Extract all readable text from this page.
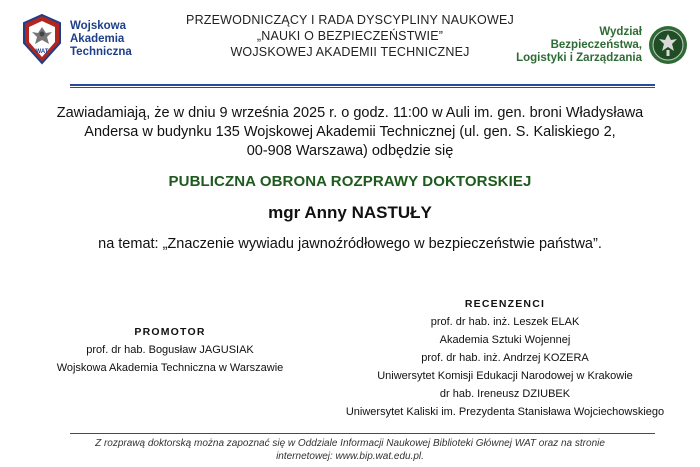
WAT
Wojskowa
Akademia
Techniczna
PRZEWODNICZĄCY I RADA DYSCYPLINY NAUKOWEJ
„NAUKI O BEZPIECZEŃSTWIE”
WOJSKOWEJ AKADEMII TECHNICZNEJ
Wydział
Bezpieczeństwa,
Logistyki i Zarządzania
Zawiadamiają, że w dniu 9 września 2025 r. o godz. 11:00 w Auli im. gen. broni Władysława
Andersa w budynku 135 Wojskowej Akademii Technicznej (ul. gen. S. Kaliskiego 2,
00-908 Warszawa) odbędzie się
PUBLICZNA OBRONA ROZPRAWY DOKTORSKIEJ
mgr Anny NASTUŁY
na temat: „Znaczenie wywiadu jawnoźródłowego w bezpieczeństwie państwa”.
PROMOTOR
prof. dr hab. Bogusław JAGUSIAK
Wojskowa Akademia Techniczna w Warszawie
RECENZENCI
prof. dr hab. inż. Leszek ELAK
Akademia Sztuki Wojennej
prof. dr hab. inż. Andrzej KOZERA
Uniwersytet Komisji Edukacji Narodowej w Krakowie
dr hab. Ireneusz DZIUBEK
Uniwersytet Kaliski im. Prezydenta Stanisława Wojciechowskiego
Z rozprawą doktorską można zapoznać się w Oddziale Informacji Naukowej Biblioteki Głównej WAT oraz na stronie
internetowej: www.bip.wat.edu.pl.
